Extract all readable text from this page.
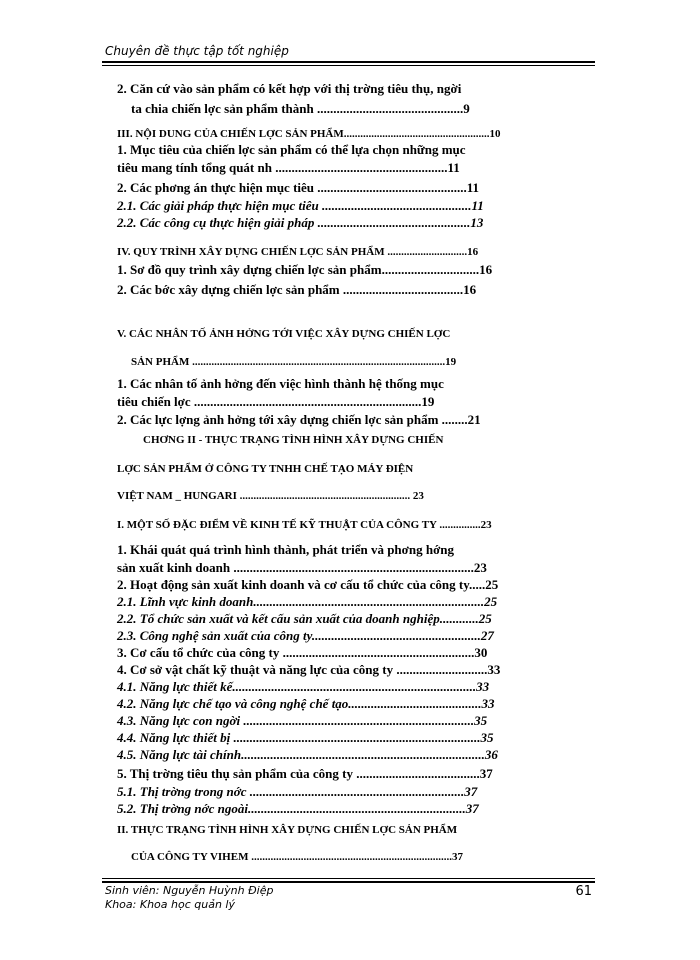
Chuyên đề thực tập tốt nghiệp
2. Căn cứ vào sản phẩm có kết hợp với thị trờng tiêu thụ, ngời
ta chia chiến lợc sản phẩm thành .............................................9
III. NỘI DUNG CỦA CHIẾN LỢC SẢN PHẨM.....................................................10
1. Mục tiêu của chiến lợc sản phẩm có thể lựa chọn những mục
tiêu mang tính tổng quát nh .....................................................11
2. Các phơng án thực hiện mục tiêu ..............................................11
2.1. Các giải pháp thực hiện mục tiêu ..............................................11
2.2. Các công cụ thực hiện giải pháp ...............................................13
IV. QUY TRÌNH XÂY DỰNG CHIẾN LỢC SẢN PHẨM .............................16
1. Sơ đồ quy trình xây dựng chiến lợc sản phẩm..............................16
2. Các bớc xây dựng chiến lợc sản phẩm .....................................16
V. CÁC NHÂN TỐ ẢNH HỞNG TỚI VIỆC XÂY DỰNG CHIẾN LỢC
SẢN PHẨM ............................................................................................19
1. Các nhân tố ảnh hởng đến việc hình thành hệ thống mục
tiêu chiến lợc ......................................................................19
2. Các lực lợng ảnh hởng tới xây dựng chiến lợc sản phẩm ........21
CHƠNG II - THỰC TRẠNG TÌNH HÌNH XÂY DỰNG CHIẾN
LỢC SẢN PHẨM Ở CÔNG TY TNHH CHẾ TẠO MÁY ĐIỆN
VIỆT NAM _ HUNGARI .............................................................. 23
I. MỘT SỐ ĐẶC ĐIỂM VỀ KINH TẾ KỸ THUẬT CỦA CÔNG TY ...............23
1. Khái quát quá trình hình thành, phát triển và phơng hớng
sản xuất kinh doanh ..........................................................................23
2. Hoạt động sản xuất kinh doanh và cơ cấu tổ chức của công ty.....25
2.1. Lĩnh vực kinh doanh.......................................................................25
2.2. Tổ chức sản xuất và kết cấu sản xuất của doanh nghiệp............25
2.3. Công nghệ sản xuất của công ty....................................................27
3. Cơ cấu tổ chức của công ty ...........................................................30
4. Cơ sở vật chất kỹ thuật và năng lực của công ty ............................33
4.1. Năng lực thiết kế...........................................................................33
4.2. Năng lực chế tạo và công nghệ chế tạo.........................................33
4.3. Năng lực con ngời .......................................................................35
4.4. Năng lực thiết bị ............................................................................35
4.5. Năng lực tài chính...........................................................................36
5. Thị trờng tiêu thụ sản phẩm của công ty ......................................37
5.1. Thị trờng trong nớc ..................................................................37
5.2. Thị trờng nớc ngoài...................................................................37
II. THỰC TRẠNG TÌNH HÌNH XÂY DỰNG CHIẾN LỢC SẢN PHẨM
CỦA CÔNG TY VIHEM .........................................................................37
Sinh viên: Nguyễn Huỳnh Điệp
Khoa: Khoa học quản lý
61
